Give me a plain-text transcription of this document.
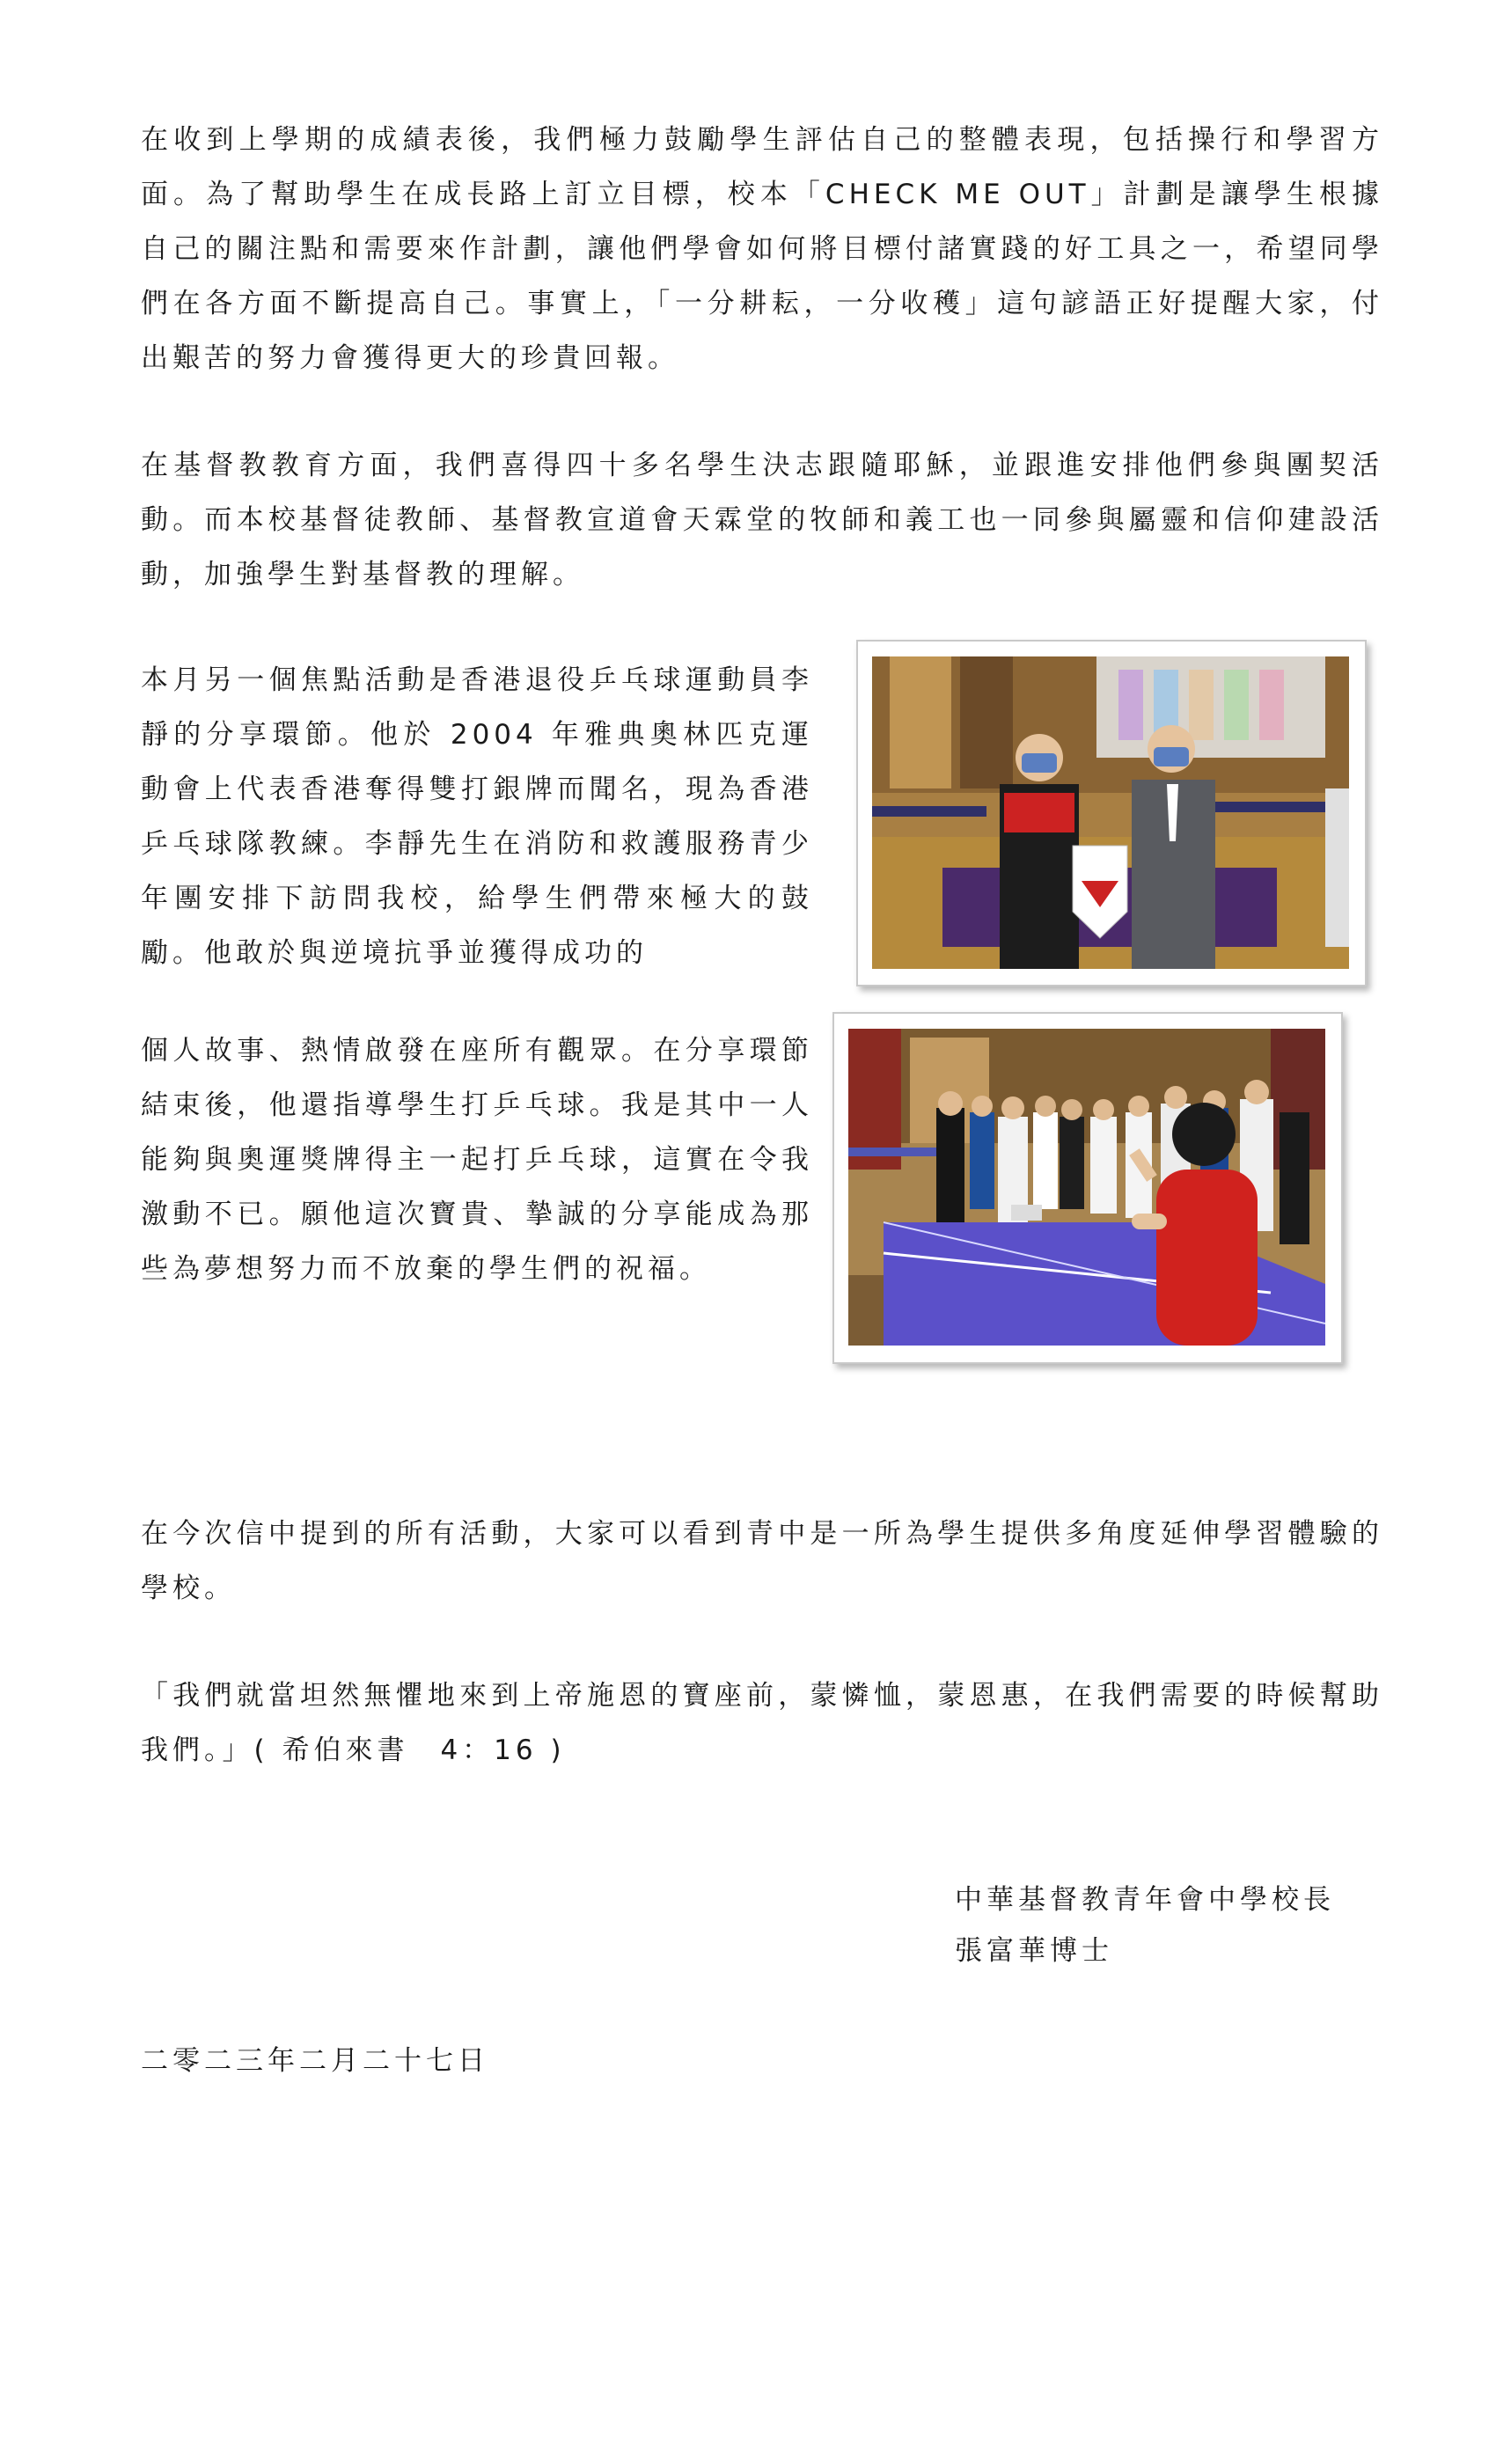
在收到上學期的成績表後，我們極力鼓勵學生評估自己的整體表現，包括操行和學習方面。為了幫助學生在成長路上訂立目標，校本「CHECK ME OUT」計劃是讓學生根據自己的關注點和需要來作計劃，讓他們學會如何將目標付諸實踐的好工具之一，希望同學們在各方面不斷提高自己。事實上，「一分耕耘，一分收穫」這句諺語正好提醒大家，付出艱苦的努力會獲得更大的珍貴回報。

在基督教教育方面，我們喜得四十多名學生決志跟隨耶穌，並跟進安排他們參與團契活動。而本校基督徒教師、基督教宣道會天霖堂的牧師和義工也一同參與屬靈和信仰建設活動，加強學生對基督教的理解。

本月另一個焦點活動是香港退役乒乓球運動員李靜的分享環節。他於 2004 年雅典奧林匹克運動會上代表香港奪得雙打銀牌而聞名，現為香港乒乓球隊教練。李靜先生在消防和救護服務青少年團安排下訪問我校，給學生們帶來極大的鼓勵。他敢於與逆境抗爭並獲得成功的

個人故事、熱情啟發在座所有觀眾。在分享環節結束後，他還指導學生打乒乓球。我是其中一人能夠與奧運獎牌得主一起打乒乓球，這實在令我激動不已。願他這次寶貴、摯誠的分享能成為那些為夢想努力而不放棄的學生們的祝福。

在今次信中提到的所有活動，大家可以看到青中是一所為學生提供多角度延伸學習體驗的學校。

「我們就當坦然無懼地來到上帝施恩的寶座前，蒙憐恤，蒙恩惠，在我們需要的時候幫助我們。」( 希伯來書　4：16 )

中華基督教青年會中學校長

張富華博士

二零二三年二月二十七日
